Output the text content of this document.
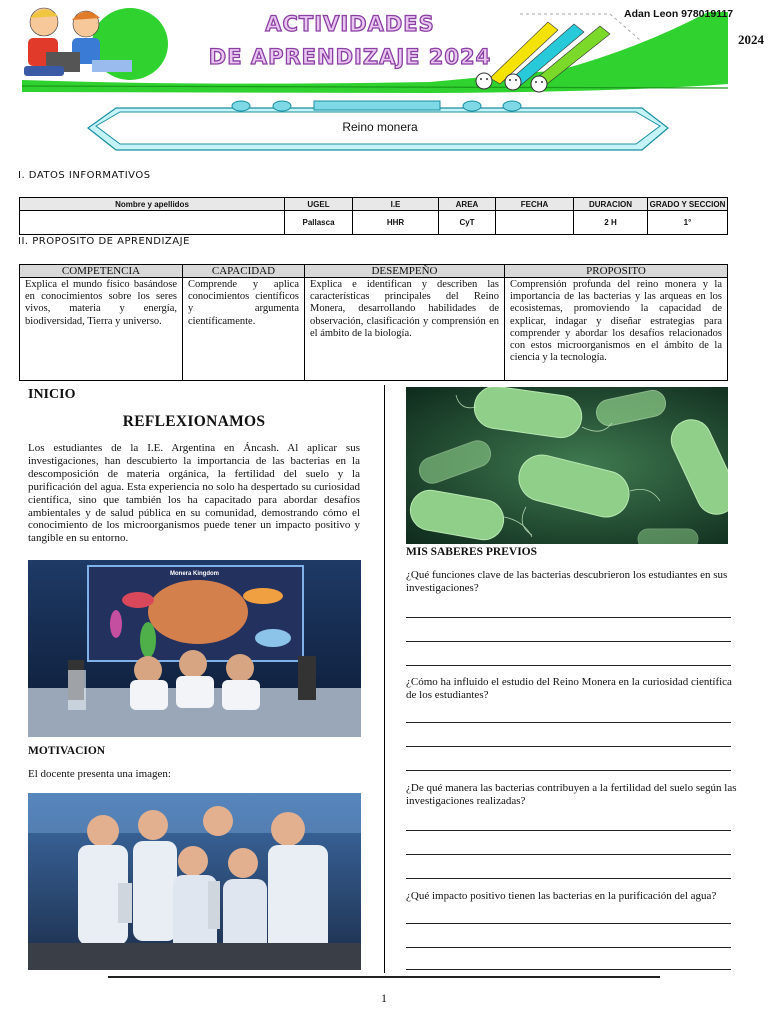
Adan Leon 978019117
2024
ACTIVIDADES
DE APRENDIZAJE 2024
Reino monera
I. DATOS INFORMATIVOS
Nombre y apellidos	UGEL	I.E	AREA	FECHA	DURACION	GRADO Y SECCION
	Pallasca	HHR	CyT		2 H	1°
II. PROPOSITO DE APRENDIZAJE
COMPETENCIA	CAPACIDAD	DESEMPEÑO	PROPOSITO
Explica el mundo físico basándose en conocimientos sobre los seres vivos, materia y energía, biodiversidad, Tierra y universo.	Comprende y aplica conocimientos científicos y argumenta científicamente.	Explica e identifican y describen las características principales del Reino Monera, desarrollando habilidades de observación, clasificación y comprensión en el ámbito de la biología.	Comprensión profunda del reino monera y la importancia de las bacterias y las arqueas en los ecosistemas, promoviendo la capacidad de explicar, indagar y diseñar estrategias para comprender y abordar los desafíos relacionados con estos microorganismos en el ámbito de la ciencia y la tecnología.
INICIO
REFLEXIONAMOS
Los estudiantes de la I.E. Argentina en Áncash. Al aplicar sus investigaciones, han descubierto la importancia de las bacterias en la descomposición de materia orgánica, la fertilidad del suelo y la purificación del agua. Esta experiencia no solo ha despertado su curiosidad científica, sino que también los ha capacitado para abordar desafíos ambientales y de salud pública en su comunidad, demostrando cómo el conocimiento de los microorganismos puede tener un impacto positivo y tangible en su entorno.
Monera Kingdom
MOTIVACION
El docente presenta una imagen:
MIS SABERES PREVIOS
¿Qué funciones clave de las bacterias descubrieron los estudiantes en sus investigaciones?
¿Cómo ha influido el estudio del Reino Monera en la curiosidad científica de los estudiantes?
¿De qué manera las bacterias contribuyen a la fertilidad del suelo según las investigaciones realizadas?
¿Qué impacto positivo tienen las bacterias en la purificación del agua?
1
